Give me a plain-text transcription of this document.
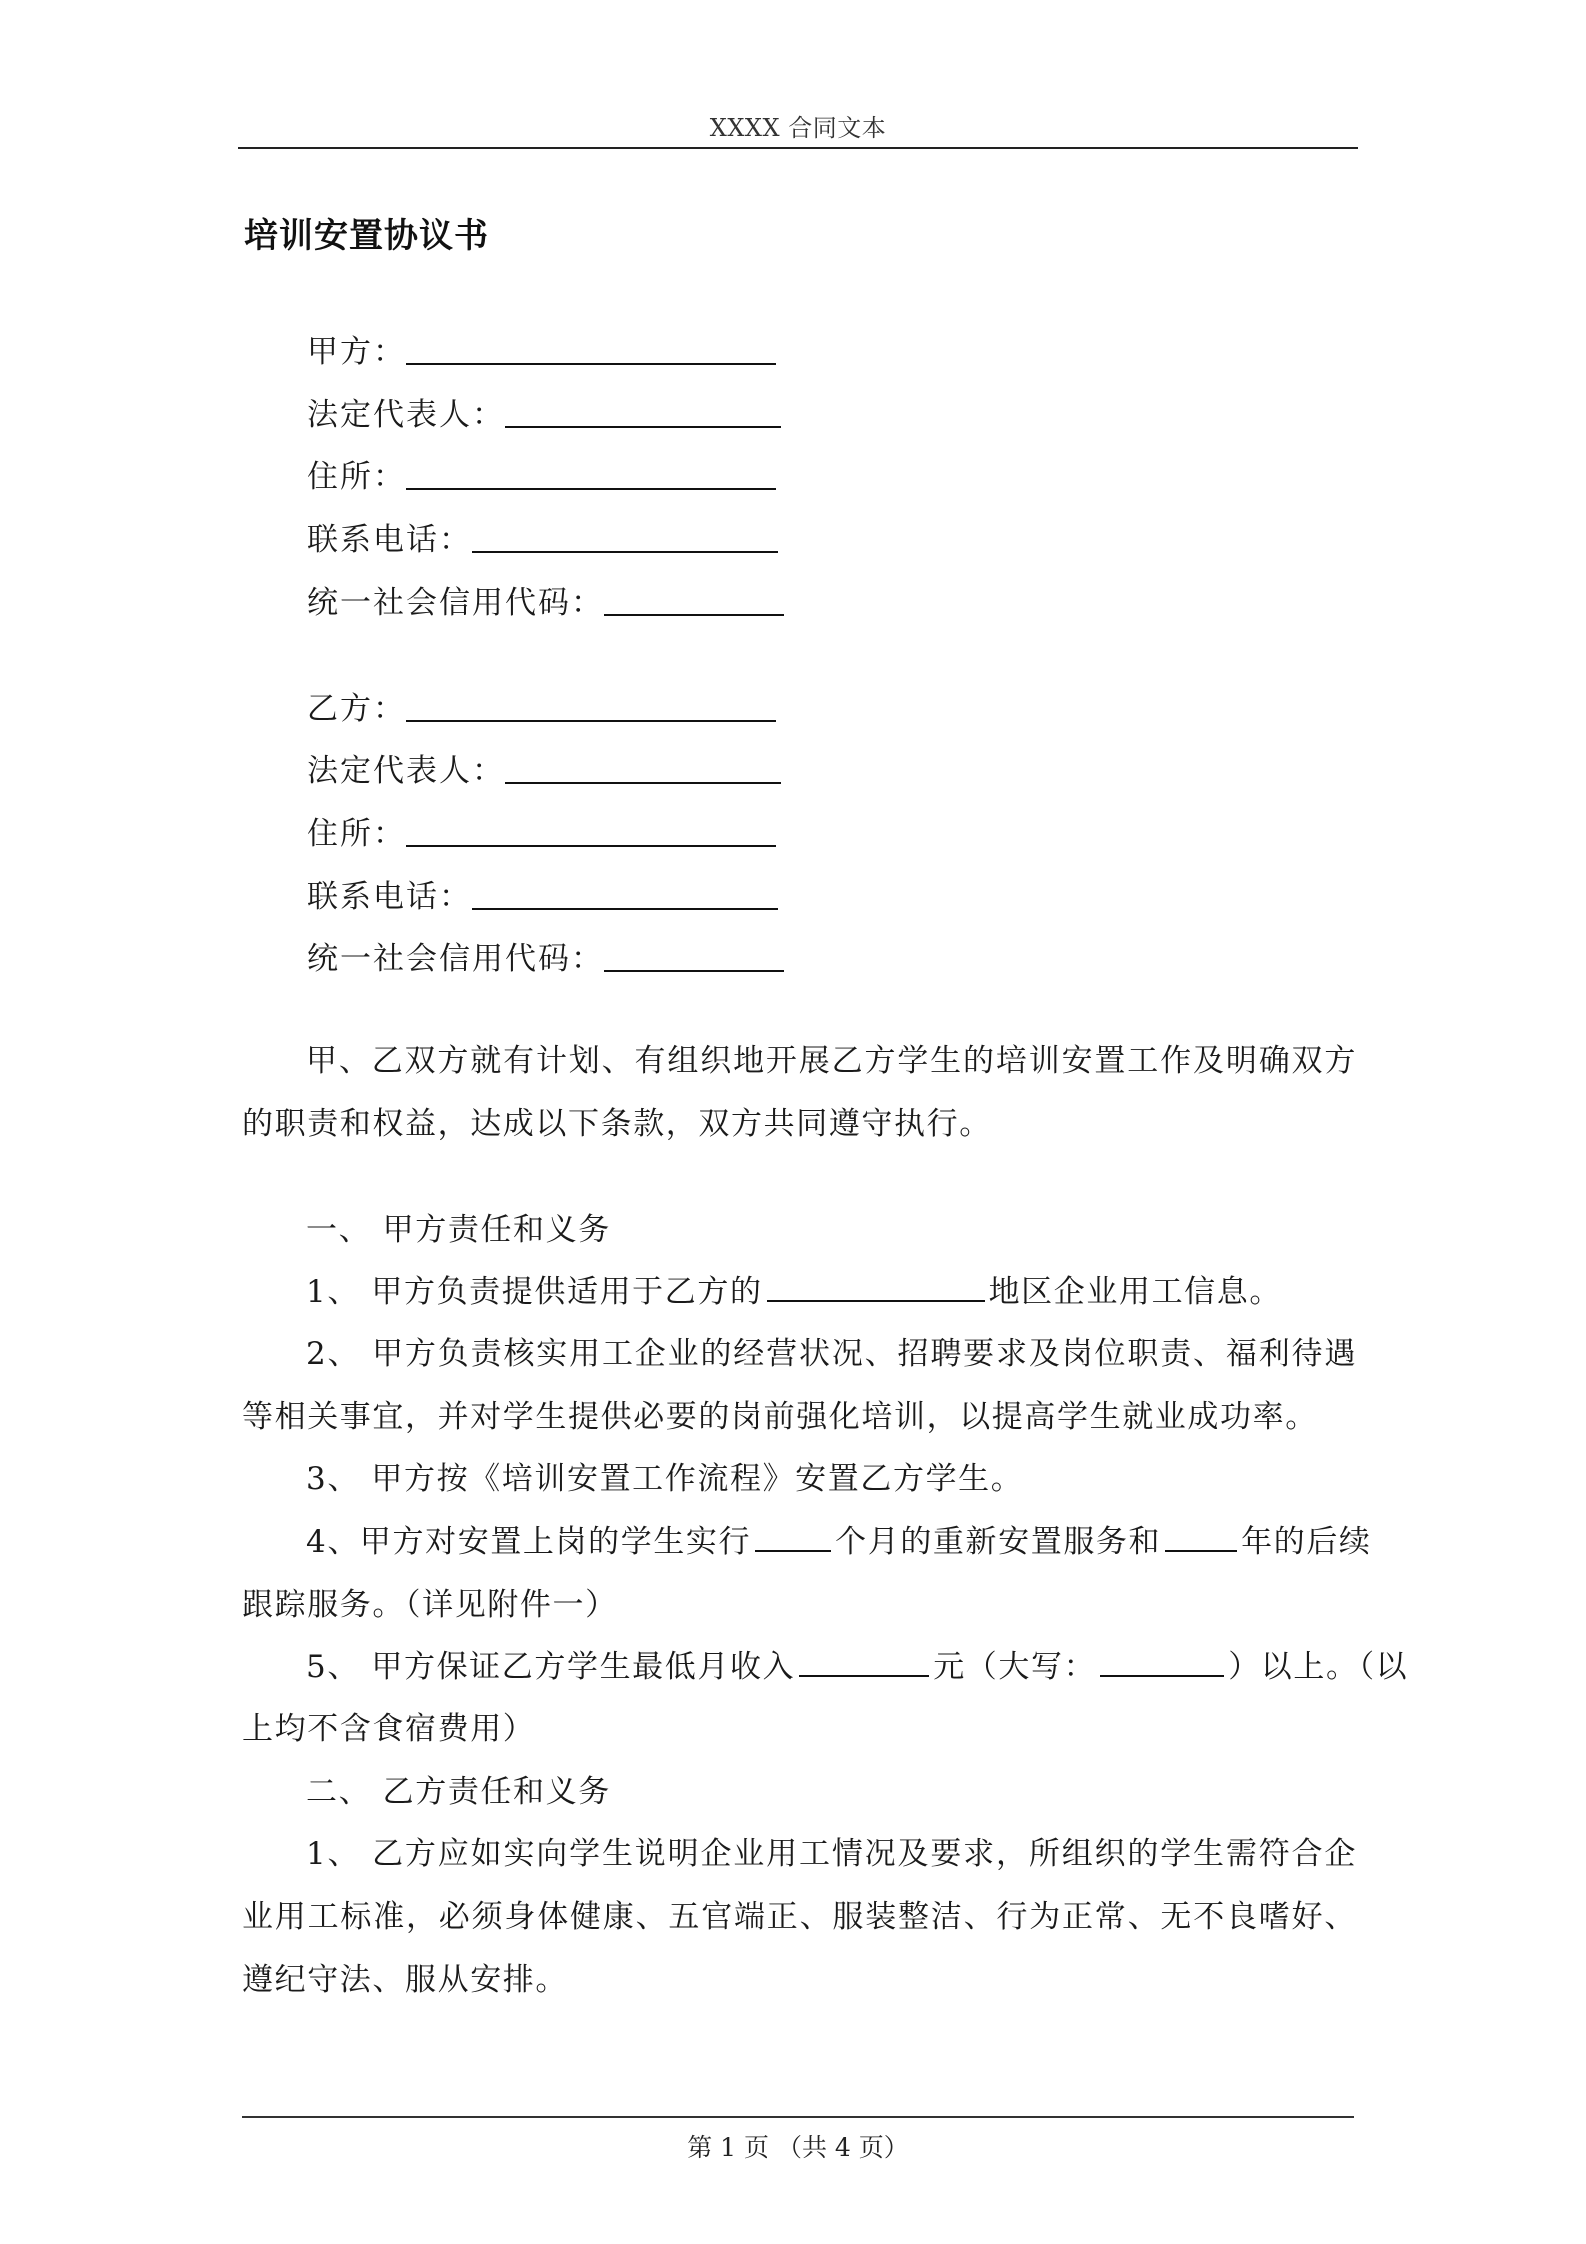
XXXX 合同文本
培训安置协议书
甲方：
法定代表人：
住所：
联系电话：
统一社会信用代码：
乙方：
法定代表人：
住所：
联系电话：
统一社会信用代码：
甲、乙双方就有计划、有组织地开展乙方学生的培训安置工作及明确双方的职责和权益，达成以下条款，双方共同遵守执行。
一、 甲方责任和义务
1、 甲方负责提供适用于乙方的	地区企业用工信息。
2、 甲方负责核实用工企业的经营状况、招聘要求及岗位职责、福利待遇等相关事宜，并对学生提供必要的岗前强化培训，以提高学生就业成功率。
3、 甲方按《培训安置工作流程》安置乙方学生。
4、甲方对安置上岗的学生实行	个月的重新安置服务和	年的后续
跟踪服务。（详见附件一）
5、 甲方保证乙方学生最低月收入	元（大写：	）以上。（以
上均不含食宿费用）
二、 乙方责任和义务
1、 乙方应如实向学生说明企业用工情况及要求，所组织的学生需符合企业用工标准，必须身体健康、五官端正、服装整洁、行为正常、无不良嗜好、遵纪守法、服从安排。
第 1 页 （共 4 页）
